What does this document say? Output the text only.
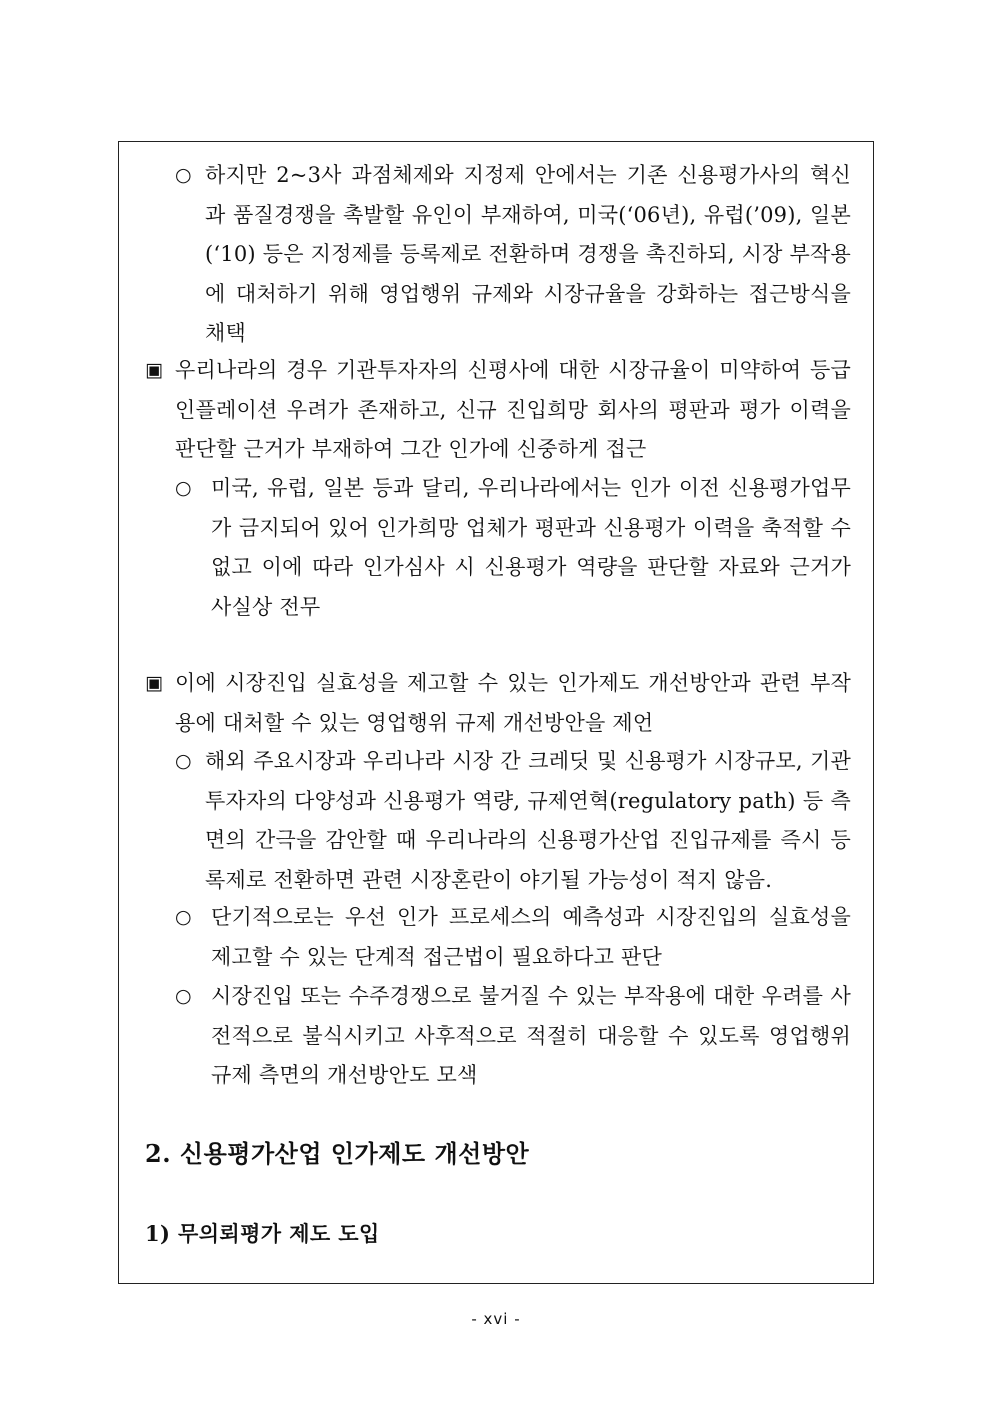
○ 하지만 2~3사 과점체제와 지정제 안에서는 기존 신용평가사의 혁신과 품질경쟁을 촉발할 유인이 부재하여, 미국(‘06년), 유럽(’09), 일본(‘10) 등은 지정제를 등록제로 전환하며 경쟁을 촉진하되, 시장 부작용에 대처하기 위해 영업행위 규제와 시장규율을 강화하는 접근방식을 채택
▣ 우리나라의 경우 기관투자자의 신평사에 대한 시장규율이 미약하여 등급 인플레이션 우려가 존재하고, 신규 진입희망 회사의 평판과 평가 이력을 판단할 근거가 부재하여 그간 인가에 신중하게 접근
○ 미국, 유럽, 일본 등과 달리, 우리나라에서는 인가 이전 신용평가업무가 금지되어 있어 인가희망 업체가 평판과 신용평가 이력을 축적할 수 없고 이에 따라 인가심사 시 신용평가 역량을 판단할 자료와 근거가 사실상 전무
▣ 이에 시장진입 실효성을 제고할 수 있는 인가제도 개선방안과 관련 부작용에 대처할 수 있는 영업행위 규제 개선방안을 제언
○ 해외 주요시장과 우리나라 시장 간 크레딧 및 신용평가 시장규모, 기관투자자의 다양성과 신용평가 역량, 규제연혁(regulatory path) 등 측면의 간극을 감안할 때 우리나라의 신용평가산업 진입규제를 즉시 등록제로 전환하면 관련 시장혼란이 야기될 가능성이 적지 않음.
○ 단기적으로는 우선 인가 프로세스의 예측성과 시장진입의 실효성을 제고할 수 있는 단계적 접근법이 필요하다고 판단
○ 시장진입 또는 수주경쟁으로 불거질 수 있는 부작용에 대한 우려를 사전적으로 불식시키고 사후적으로 적절히 대응할 수 있도록 영업행위 규제 측면의 개선방안도 모색
2. 신용평가산업 인가제도 개선방안
1) 무의뢰평가 제도 도입
- xvi -
